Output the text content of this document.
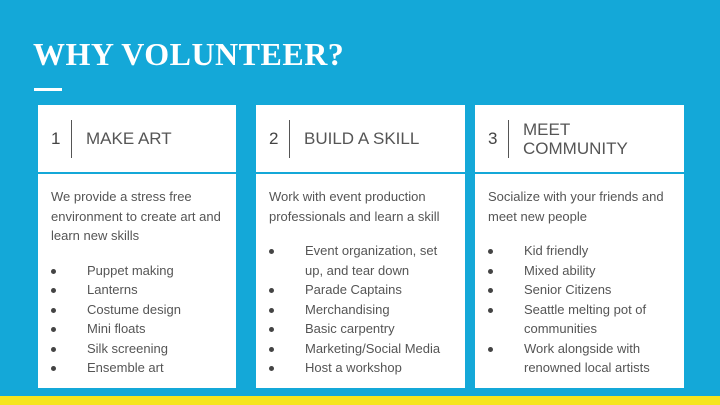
WHY VOLUNTEER?
1 MAKE ART

We provide a stress free environment to create art and learn new skills

Puppet making
Lanterns
Costume design
Mini floats
Silk screening
Ensemble art
2 BUILD A SKILL

Work with event production professionals and learn a skill

Event organization, set up, and tear down
Parade Captains
Merchandising
Basic carpentry
Marketing/Social Media
Host a workshop
3 MEET COMMUNITY

Socialize with your friends and meet new people

Kid friendly
Mixed ability
Senior Citizens
Seattle melting pot of communities
Work alongside with renowned local artists
